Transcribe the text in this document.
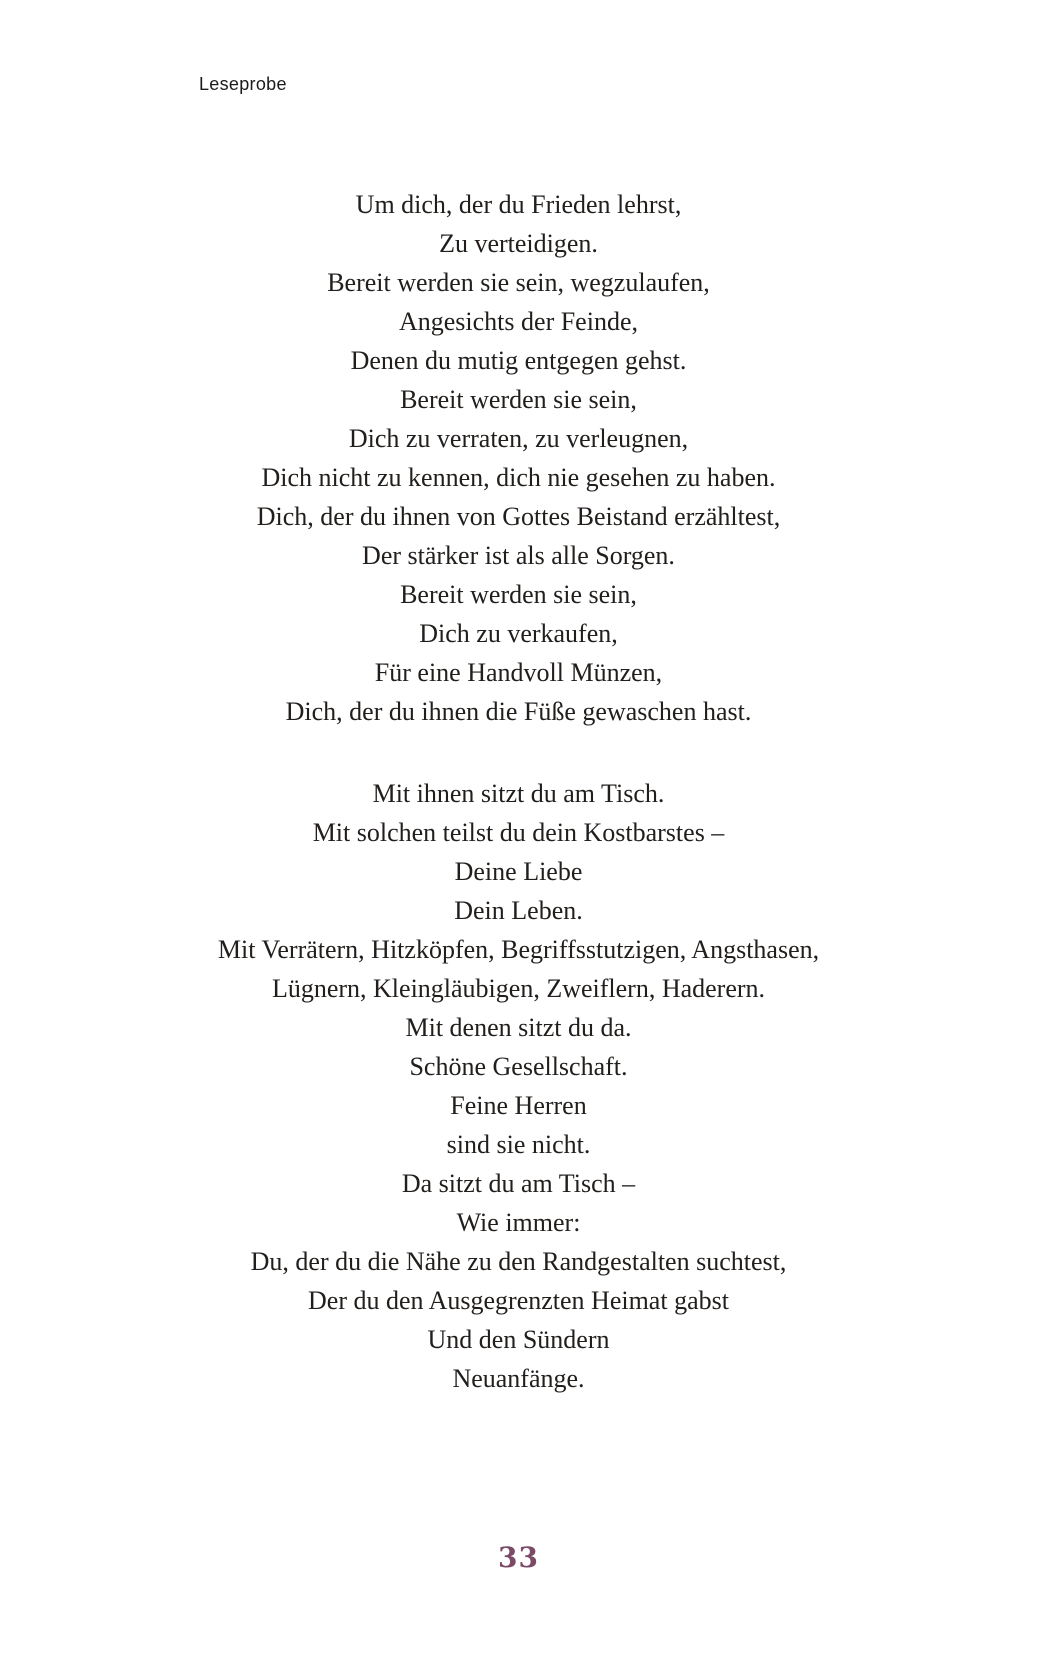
Leseprobe
Um dich, der du Frieden lehrst,
Zu verteidigen.
Bereit werden sie sein, wegzulaufen,
Angesichts der Feinde,
Denen du mutig entgegen gehst.
Bereit werden sie sein,
Dich zu verraten, zu verleugnen,
Dich nicht zu kennen, dich nie gesehen zu haben.
Dich, der du ihnen von Gottes Beistand erzähltest,
Der stärker ist als alle Sorgen.
Bereit werden sie sein,
Dich zu verkaufen,
Für eine Handvoll Münzen,
Dich, der du ihnen die Füße gewaschen hast.
Mit ihnen sitzt du am Tisch.
Mit solchen teilst du dein Kostbarstes –
Deine Liebe
Dein Leben.
Mit Verrätern, Hitzköpfen, Begriffsstutzigen, Angsthasen,
Lügnern, Kleingläubigen, Zweiflern, Haderern.
Mit denen sitzt du da.
Schöne Gesellschaft.
Feine Herren
sind sie nicht.
Da sitzt du am Tisch –
Wie immer:
Du, der du die Nähe zu den Randgestalten suchtest,
Der du den Ausgegrenzten Heimat gabst
Und den Sündern
Neuanfänge.
33
